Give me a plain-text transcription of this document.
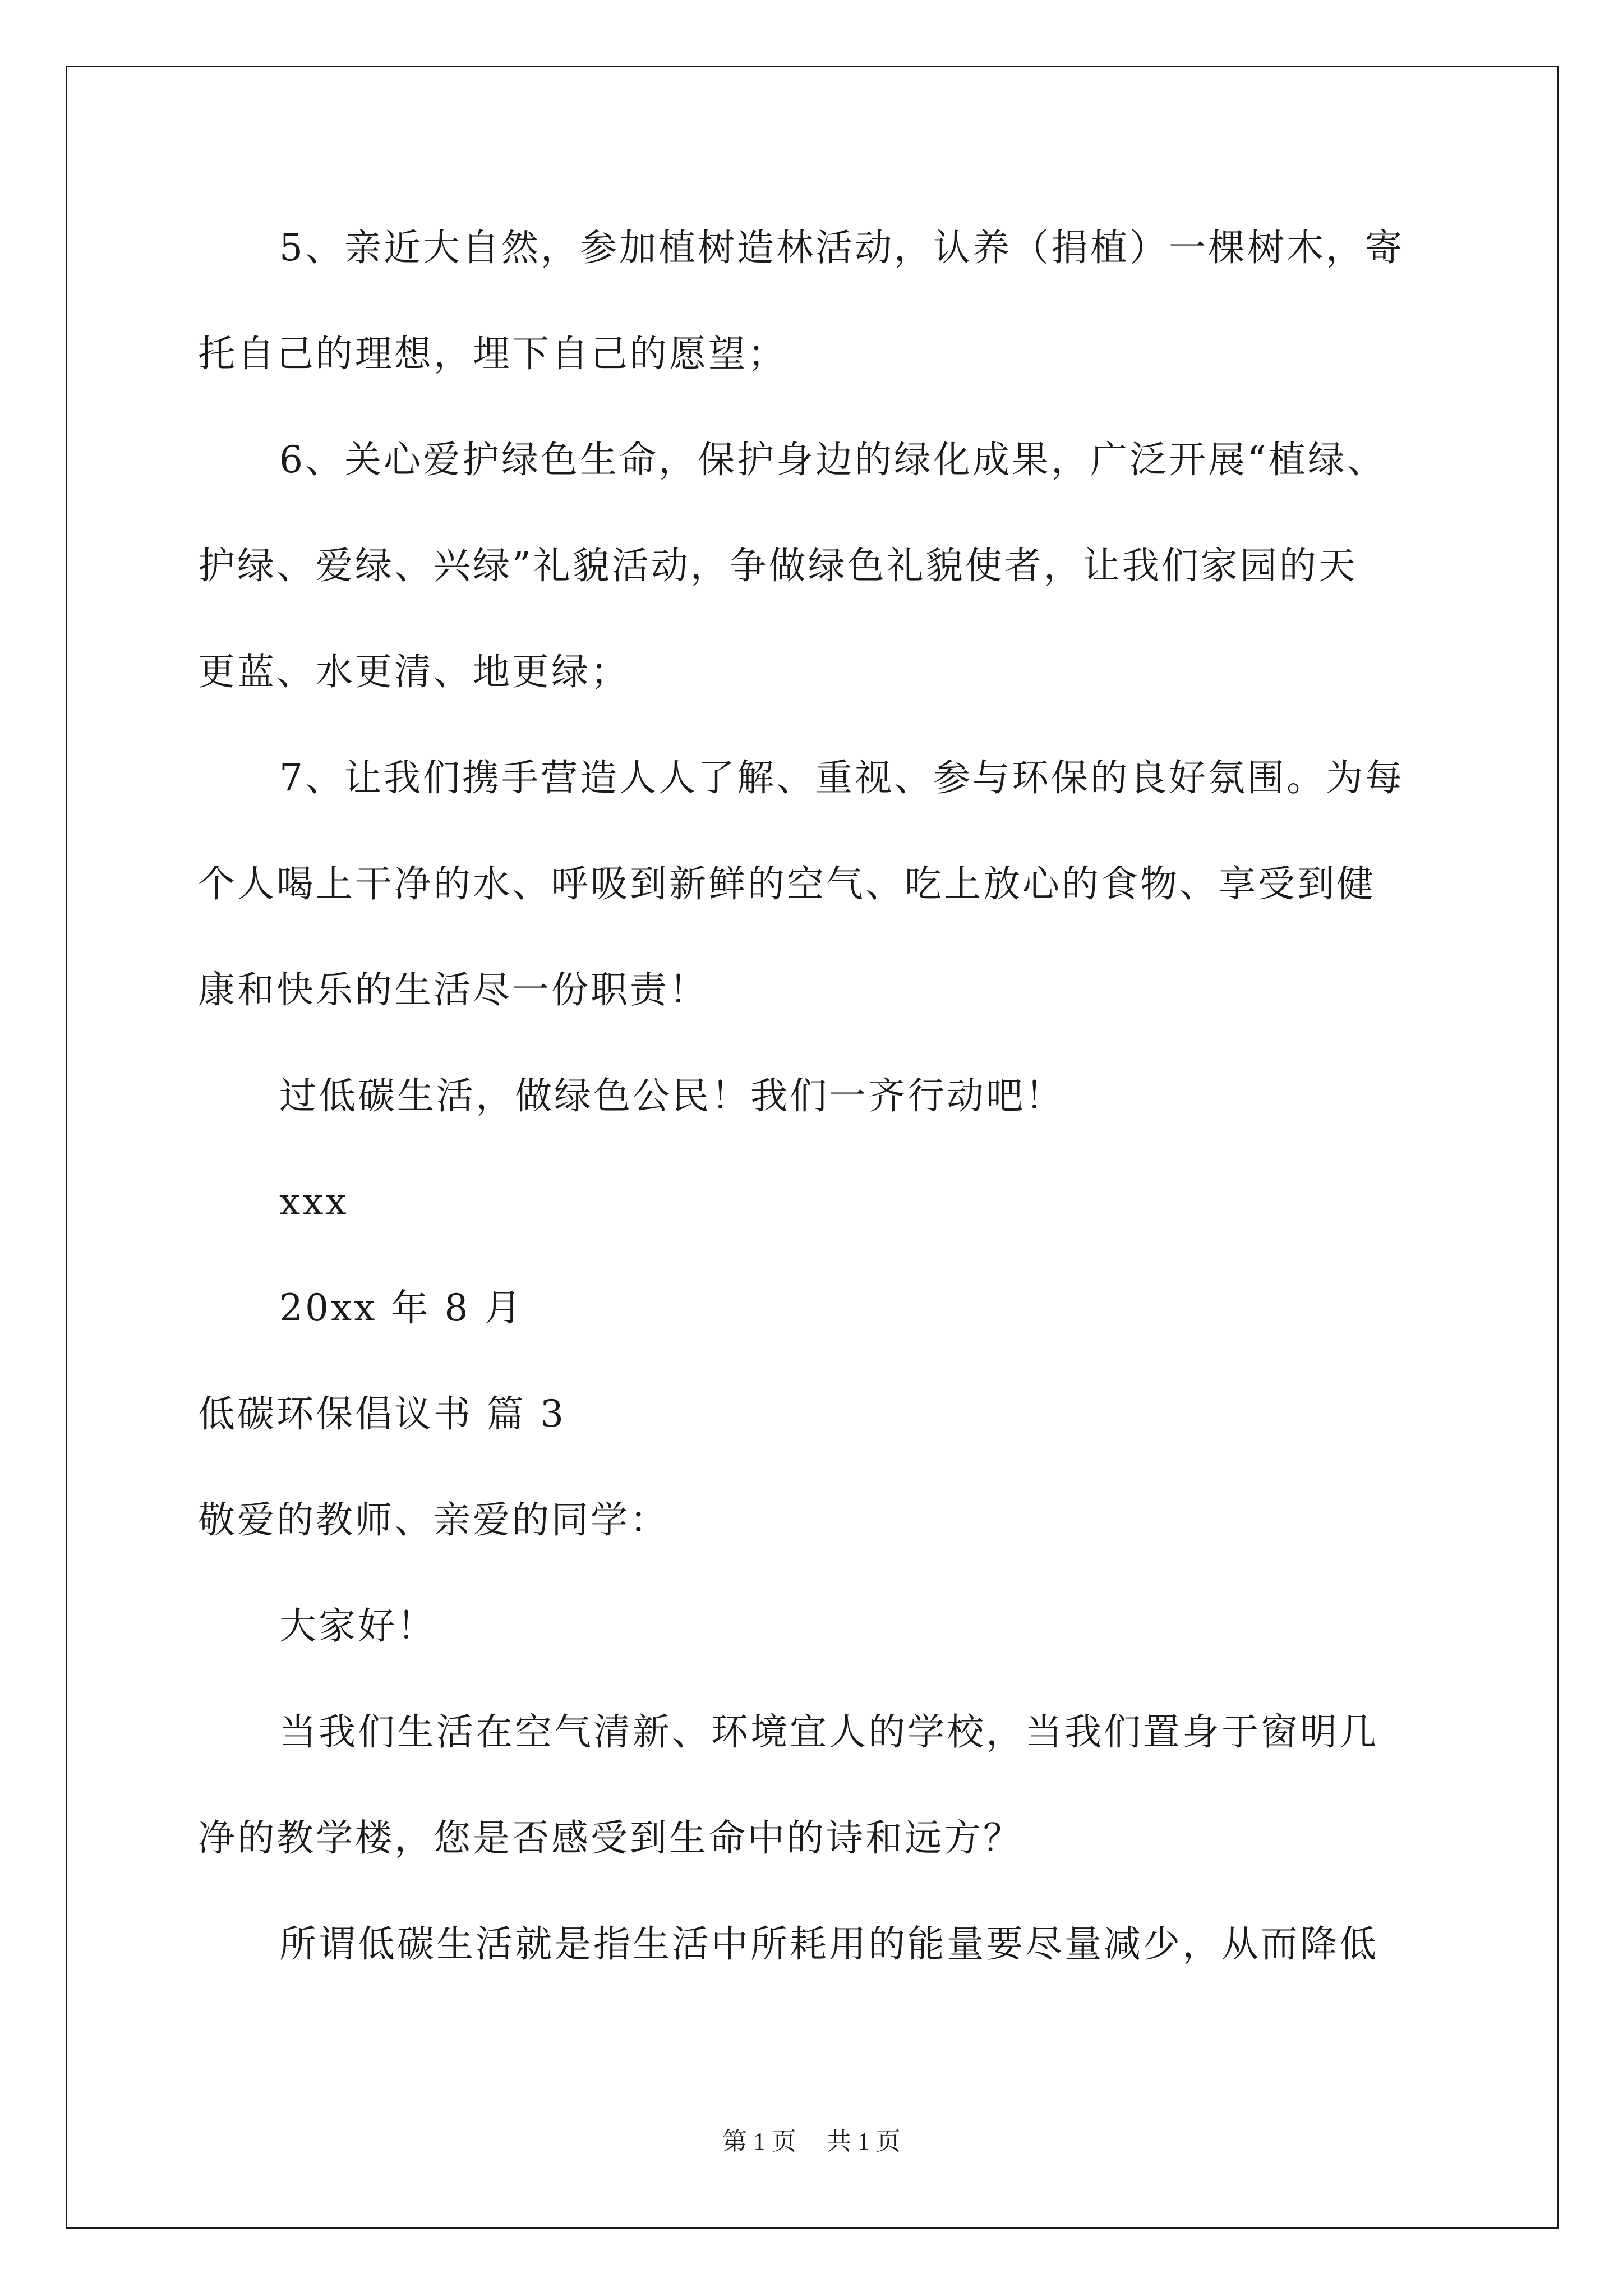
5、亲近大自然，参加植树造林活动，认养（捐植）一棵树木，寄
托自己的理想，埋下自己的愿望；
6、关心爱护绿色生命，保护身边的绿化成果，广泛开展“植绿、
护绿、爱绿、兴绿”礼貌活动，争做绿色礼貌使者，让我们家园的天
更蓝、水更清、地更绿；
7、让我们携手营造人人了解、重视、参与环保的良好氛围。为每
个人喝上干净的水、呼吸到新鲜的空气、吃上放心的食物、享受到健
康和快乐的生活尽一份职责！
过低碳生活，做绿色公民！我们一齐行动吧！
xxx
20xx 年 8 月
低碳环保倡议书 篇 3
敬爱的教师、亲爱的同学：
大家好！
当我们生活在空气清新、环境宜人的学校，当我们置身于窗明几
净的教学楼，您是否感受到生命中的诗和远方？
所谓低碳生活就是指生活中所耗用的能量要尽量减少，从而降低
第 1 页 共 1 页
